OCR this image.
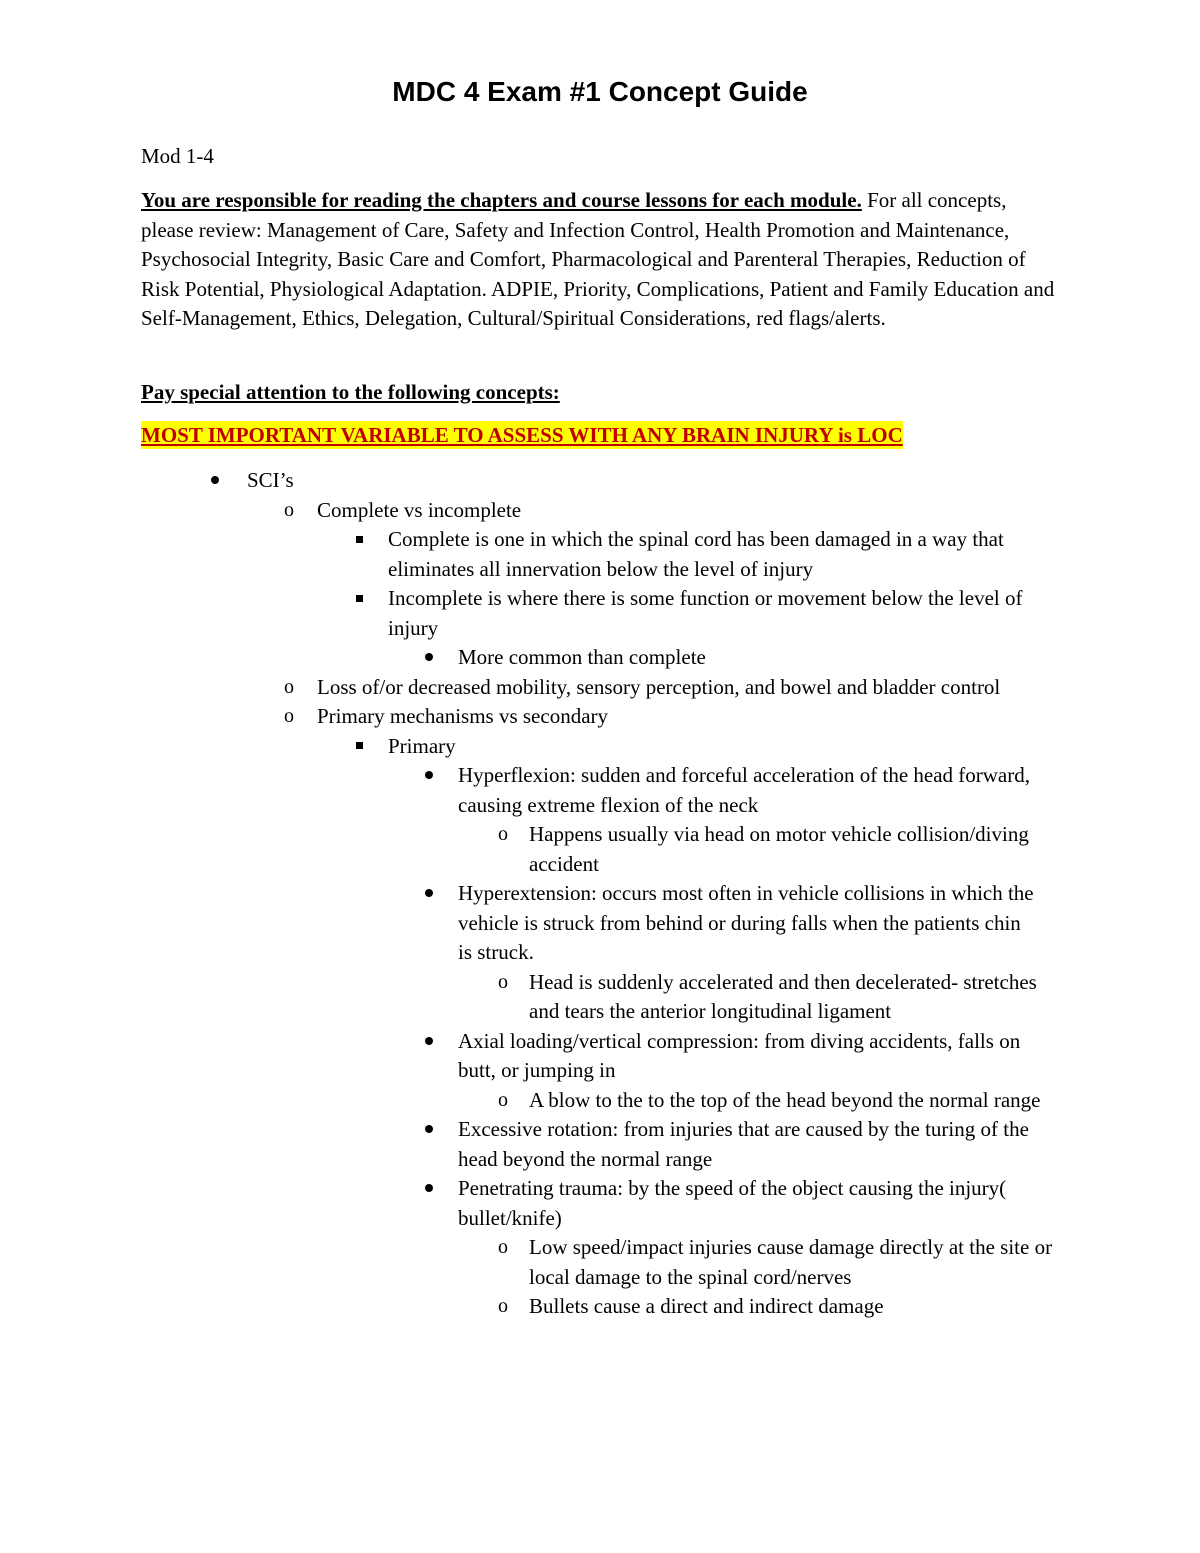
MDC 4 Exam #1 Concept Guide

Mod 1-4

You are responsible for reading the chapters and course lessons for each module. For all concepts, please review: Management of Care, Safety and Infection Control, Health Promotion and Maintenance, Psychosocial Integrity, Basic Care and Comfort, Pharmacological and Parenteral Therapies, Reduction of Risk Potential, Physiological Adaptation. ADPIE, Priority, Complications, Patient and Family Education and Self-Management, Ethics, Delegation, Cultural/Spiritual Considerations, red flags/alerts.

Pay special attention to the following concepts:

MOST IMPORTANT VARIABLE TO ASSESS WITH ANY BRAIN INJURY is LOC

SCI’s
o	Complete vs incomplete
Complete is one in which the spinal cord has been damaged in a way that eliminates all innervation below the level of injury
Incomplete is where there is some function or movement below the level of injury
More common than complete
o	Loss of/or decreased mobility, sensory perception, and bowel and bladder control
o	Primary mechanisms vs secondary
Primary
Hyperflexion: sudden and forceful acceleration of the head forward, causing extreme flexion of the neck
o	Happens usually via head on motor vehicle collision/diving accident
Hyperextension: occurs most often in vehicle collisions in which the vehicle is struck from behind or during falls when the patients chin is struck.
o	Head is suddenly accelerated and then decelerated- stretches and tears the anterior longitudinal ligament
Axial loading/vertical compression: from diving accidents, falls on butt, or jumping in
o	A blow to the to the top of the head beyond the normal range
Excessive rotation: from injuries that are caused by the turing of the head beyond the normal range
Penetrating trauma: by the speed of the object causing the injury( bullet/knife)
o	Low speed/impact injuries cause damage directly at the site or local damage to the spinal cord/nerves
o	Bullets cause a direct and indirect damage
